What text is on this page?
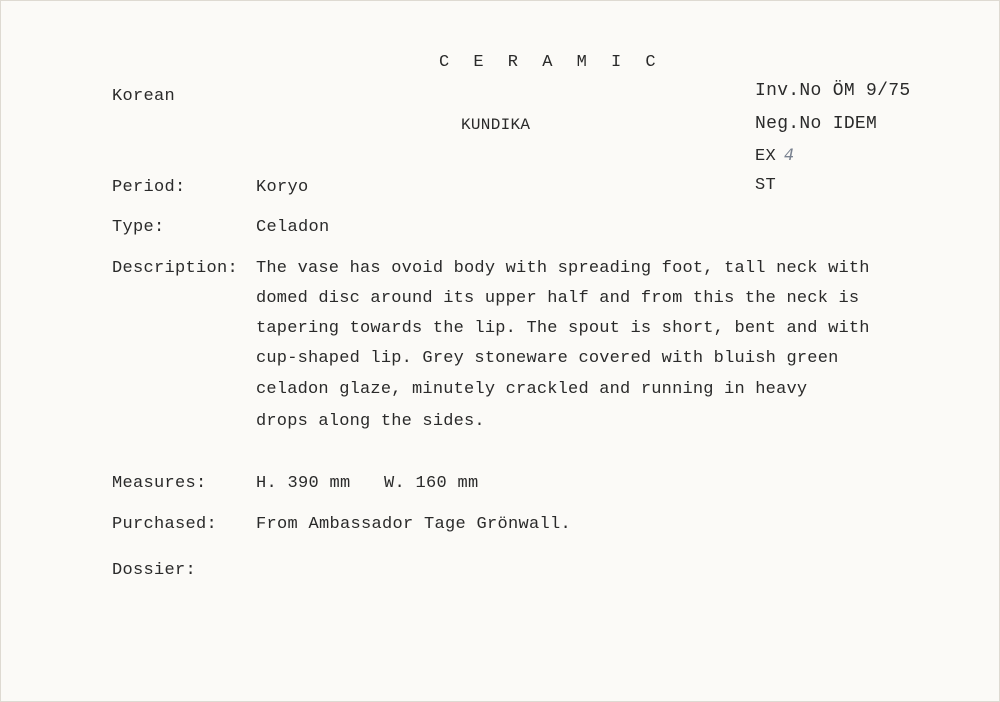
C E R A M I C
Korean
KUNDIKA
Inv.No ÖM 9/75
Neg.No IDEM
EX 4
ST
Period:	Koryo
Type:	Celadon
Description: The vase has ovoid body with spreading foot, tall neck with
domed disc around its upper half and from this the neck is
tapering towards the lip. The spout is short, bent and with
cup-shaped lip. Grey stoneware covered with bluish green
celadon glaze, minutely crackled and running in heavy
drops along the sides.
Measures:	H. 390 mm W. 160 mm
Purchased: From Ambassador Tage Grönwall.
Dossier:
